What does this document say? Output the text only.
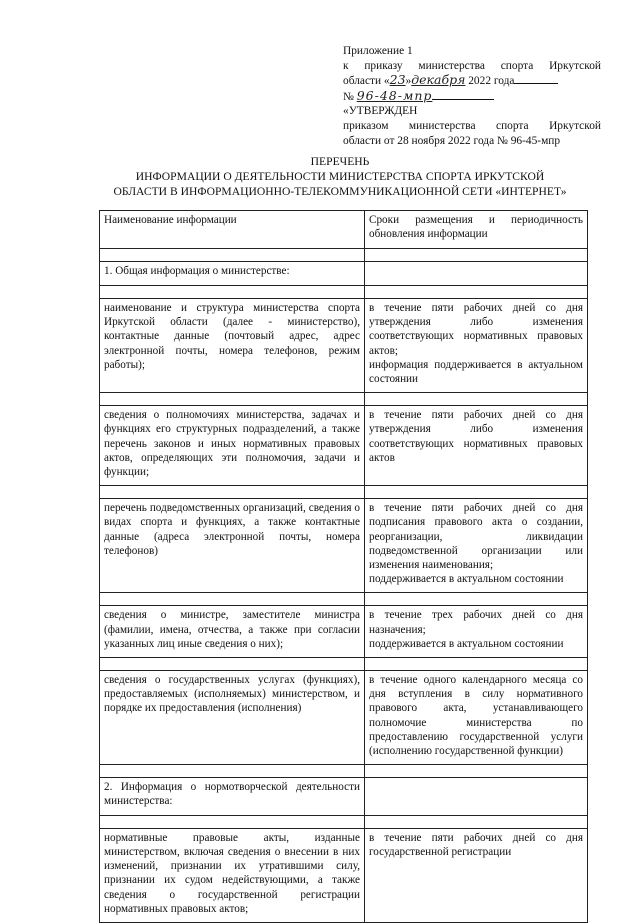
Приложение 1
к приказу министерства спорта Иркутской
области «23»декабря 2022 года
№ 96-48-мпр
«УТВЕРЖДЕН
приказом министерства спорта Иркутской
области от 28 ноября 2022 года № 96-45-мпр
ПЕРЕЧЕНЬ
ИНФОРМАЦИИ О ДЕЯТЕЛЬНОСТИ МИНИСТЕРСТВА СПОРТА ИРКУТСКОЙ
ОБЛАСТИ В ИНФОРМАЦИОННО-ТЕЛЕКОММУНИКАЦИОННОЙ СЕТИ «ИНТЕРНЕТ»
Наименование информации	Сроки размещения и периодичность обновления информации

1. Общая информация о министерстве:	

наименование и структура министерства спорта Иркутской области (далее - министерство), контактные данные (почтовый адрес, адрес электронной почты, номера телефонов, режим работы);	в течение пяти рабочих дней со дня утверждения либо изменения соответствующих нормативных правовых актов;
информация поддерживается в актуальном состоянии

сведения о полномочиях министерства, задачах и функциях его структурных подразделений, а также перечень законов и иных нормативных правовых актов, определяющих эти полномочия, задачи и функции;	в течение пяти рабочих дней со дня утверждения либо изменения соответствующих нормативных правовых актов

перечень подведомственных организаций, сведения о видах спорта и функциях, а также контактные данные (адреса электронной почты, номера телефонов)	в течение пяти рабочих дней со дня подписания правового акта о создании, реорганизации, ликвидации подведомственной организации или изменения наименования;
поддерживается в актуальном состоянии

сведения о министре, заместителе министра (фамилии, имена, отчества, а также при согласии указанных лиц иные сведения о них);	в течение трех рабочих дней со дня назначения;
поддерживается в актуальном состоянии

сведения о государственных услугах (функциях), предоставляемых (исполняемых) министерством, и порядке их предоставления (исполнения)	в течение одного календарного месяца со дня вступления в силу нормативного правового акта, устанавливающего полномочие министерства по предоставлению государственной услуги (исполнению государственной функции)

2. Информация о нормотворческой деятельности министерства:	

нормативные правовые акты, изданные министерством, включая сведения о внесении в них изменений, признании их утратившими силу, признании их судом недействующими, а также сведения о государственной регистрации нормативных правовых актов;	в течение пяти рабочих дней со дня государственной регистрации
